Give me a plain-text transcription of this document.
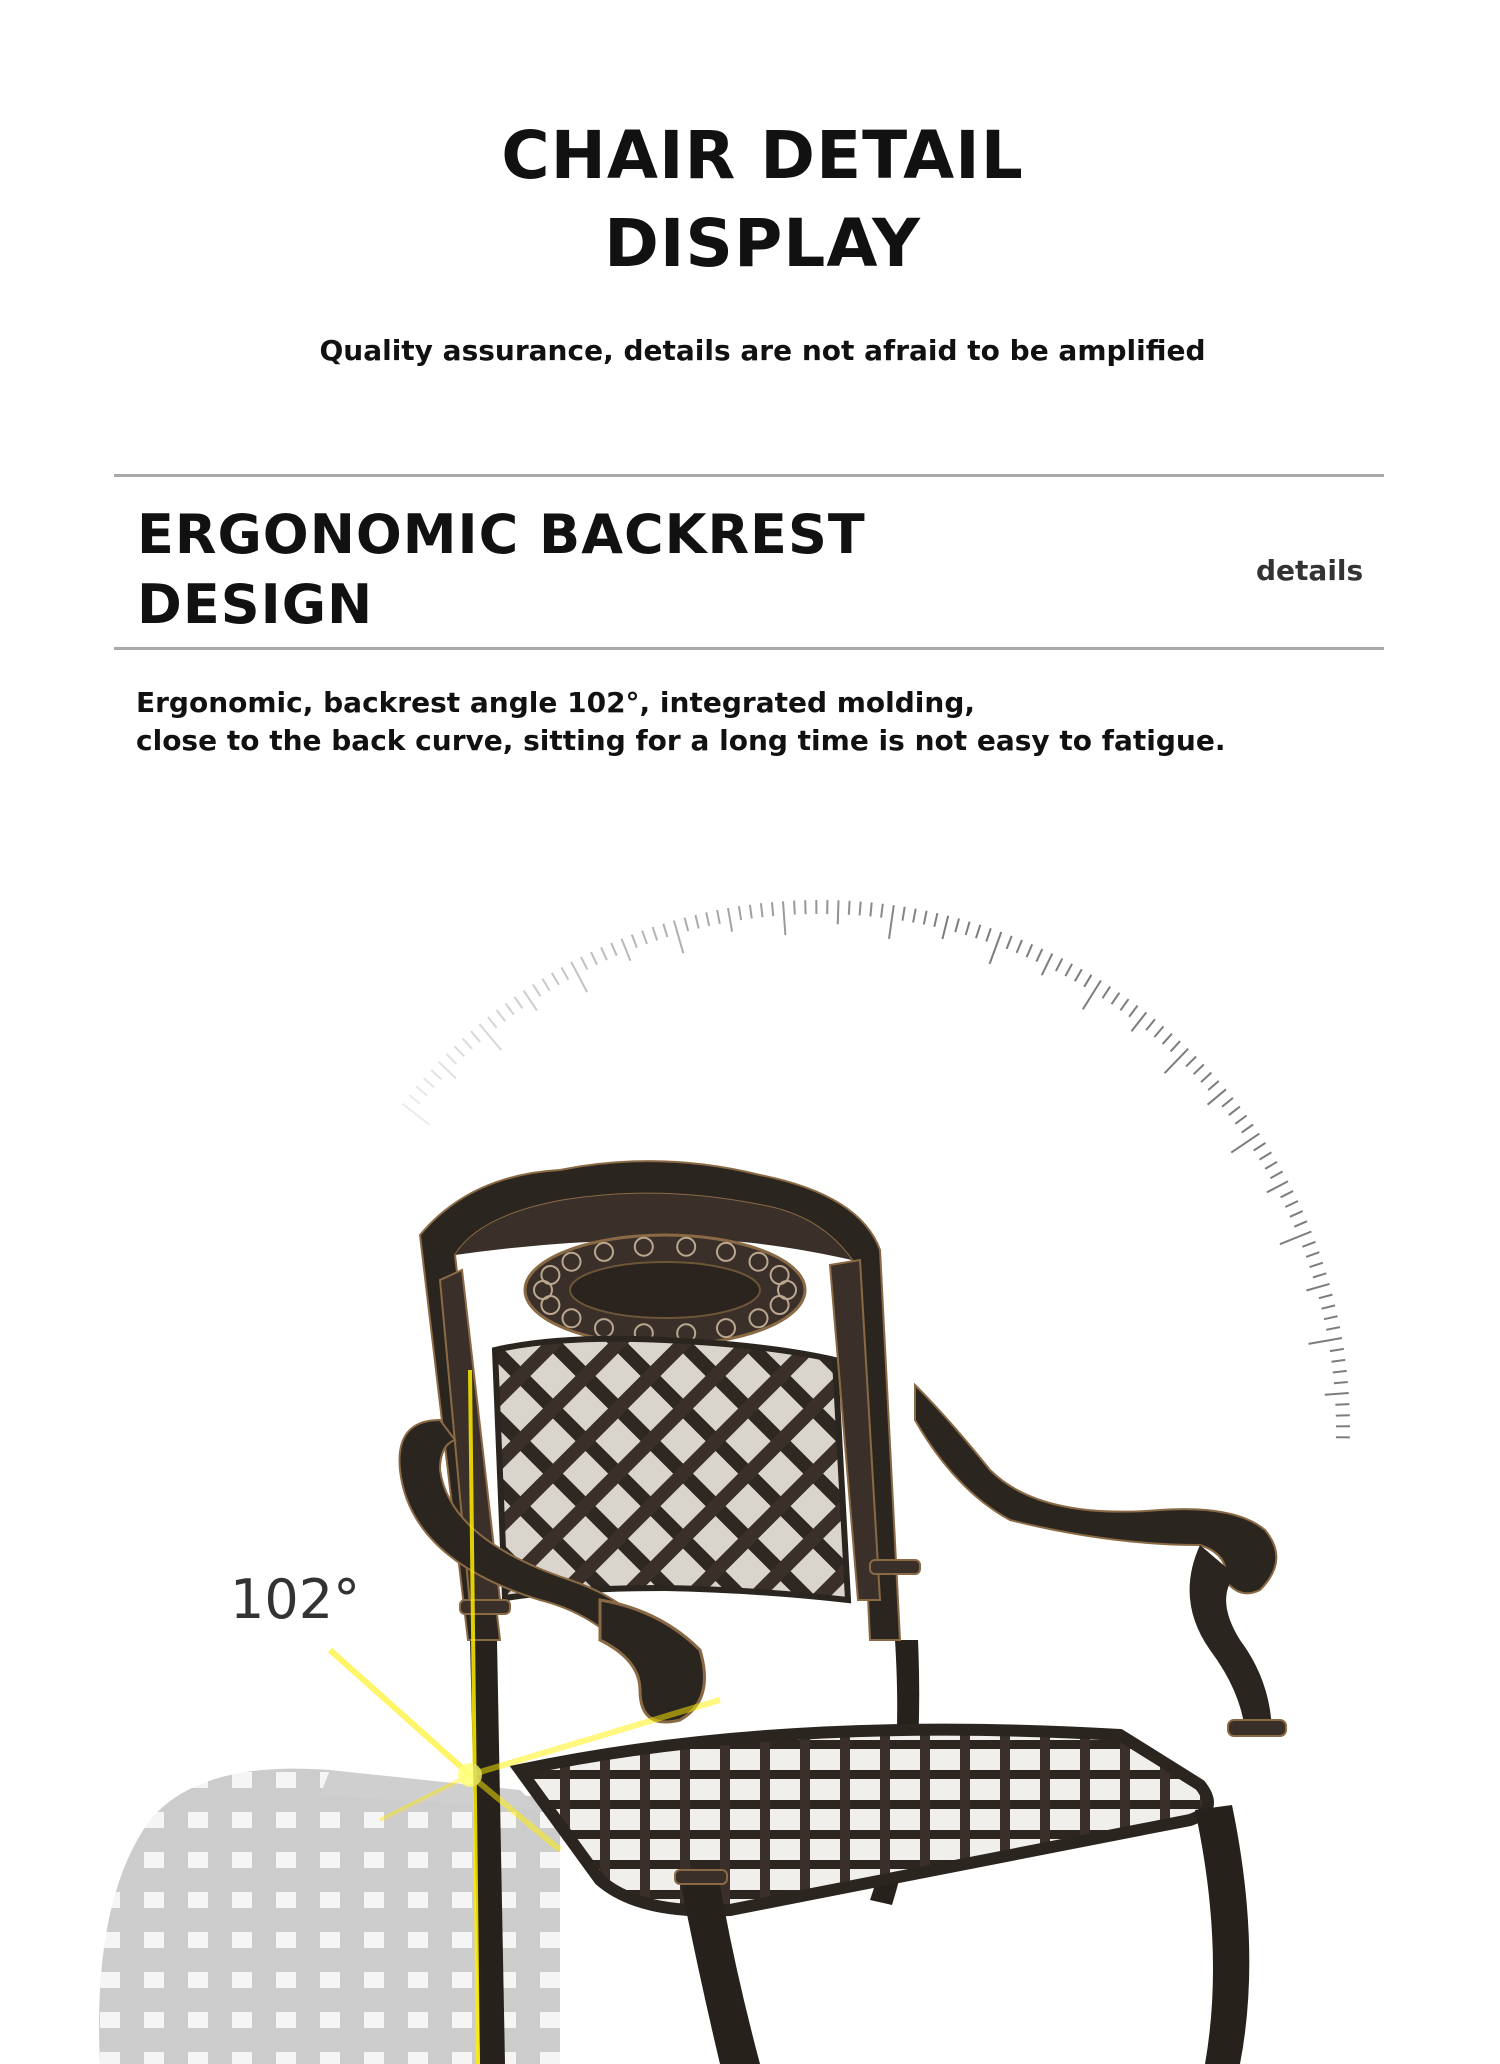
CHAIR DETAIL
DISPLAY

Quality assurance, details are not afraid to be amplified

ERGONOMIC BACKREST
DESIGN
details

Ergonomic, backrest angle 102°, integrated molding,
close to the back curve, sitting for a long time is not easy to fatigue.

102°
